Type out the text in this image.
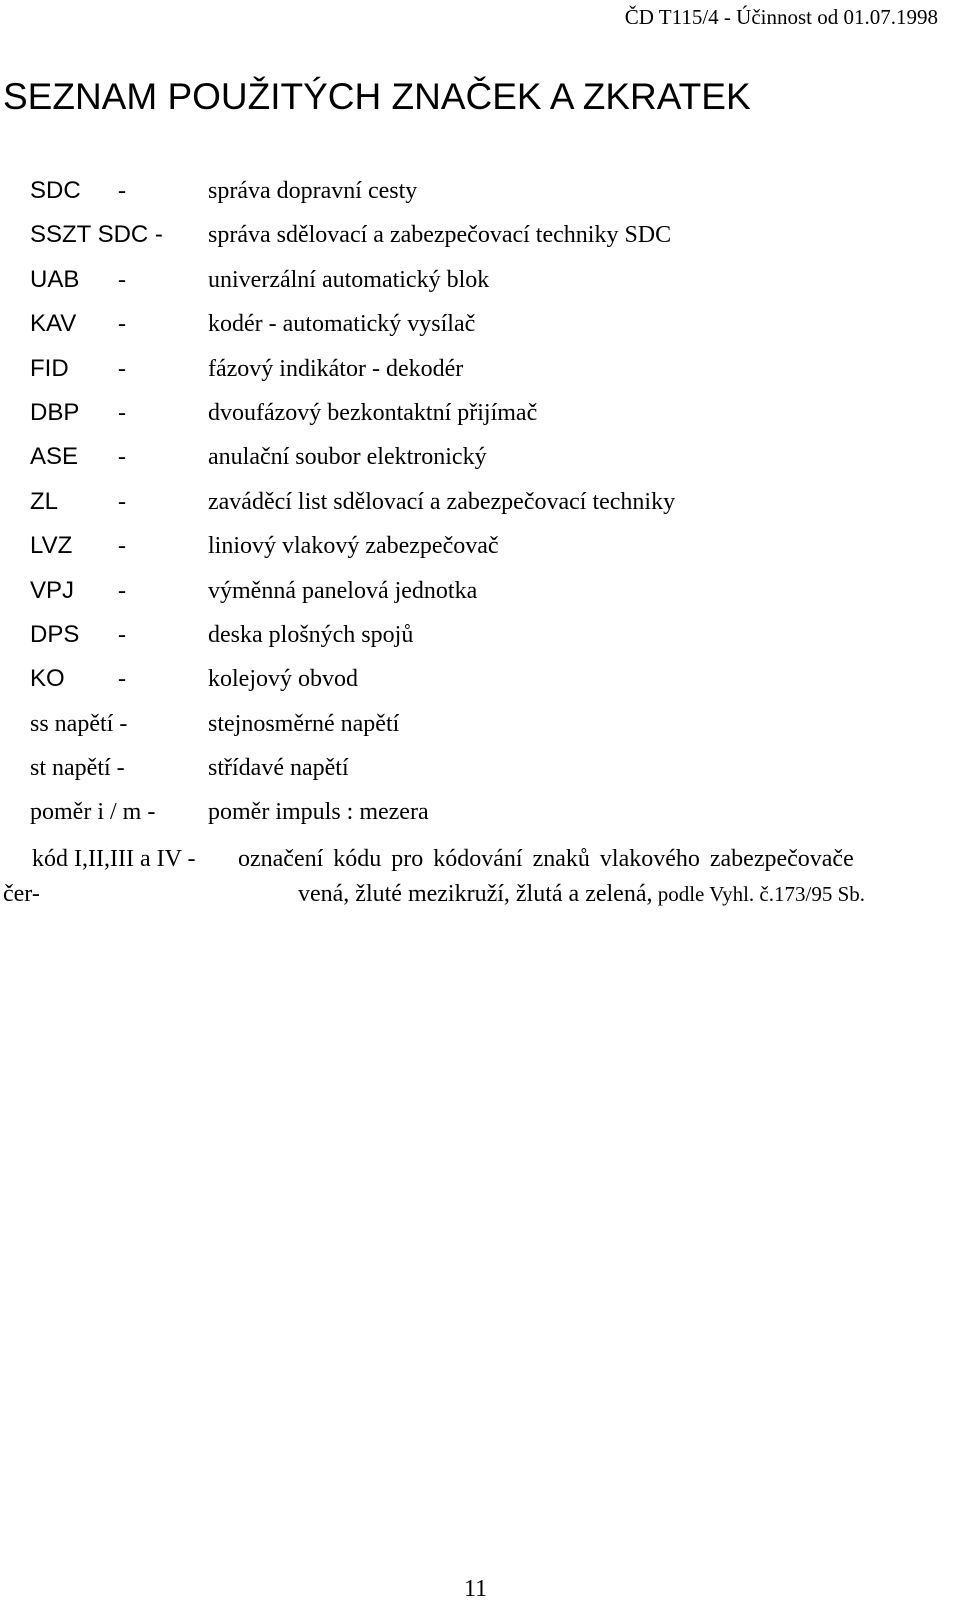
ČD T115/4 - Účinnost od 01.07.1998
SEZNAM POUŽITÝCH ZNAČEK A ZKRATEK
SDC -	správa dopravní cesty
SSZT SDC - správa sdělovací a zabezpečovací techniky SDC
UAB -	univerzální automatický blok
KAV -	kodér - automatický vysílač
FID -	fázový indikátor - dekodér
DBP -	dvoufázový bezkontaktní přijímač
ASE -	anulační soubor elektronický
ZL -	zaváděcí list sdělovací a zabezpečovací techniky
LVZ -	liniový vlakový zabezpečovač
VPJ -	výměnná panelová jednotka
DPS -	deska plošných spojů
KO -	kolejový obvod
ss napětí -	stejnosměrné napětí
st napětí -	střídavé napětí
poměr i / m - poměr impuls : mezera
kód I,II,III a IV - označení kódu pro kódování znaků vlakového zabezpečovače
čer-	vená, žluté mezikruží, žlutá a zelená, podle Vyhl. č.173/95 Sb.
11
